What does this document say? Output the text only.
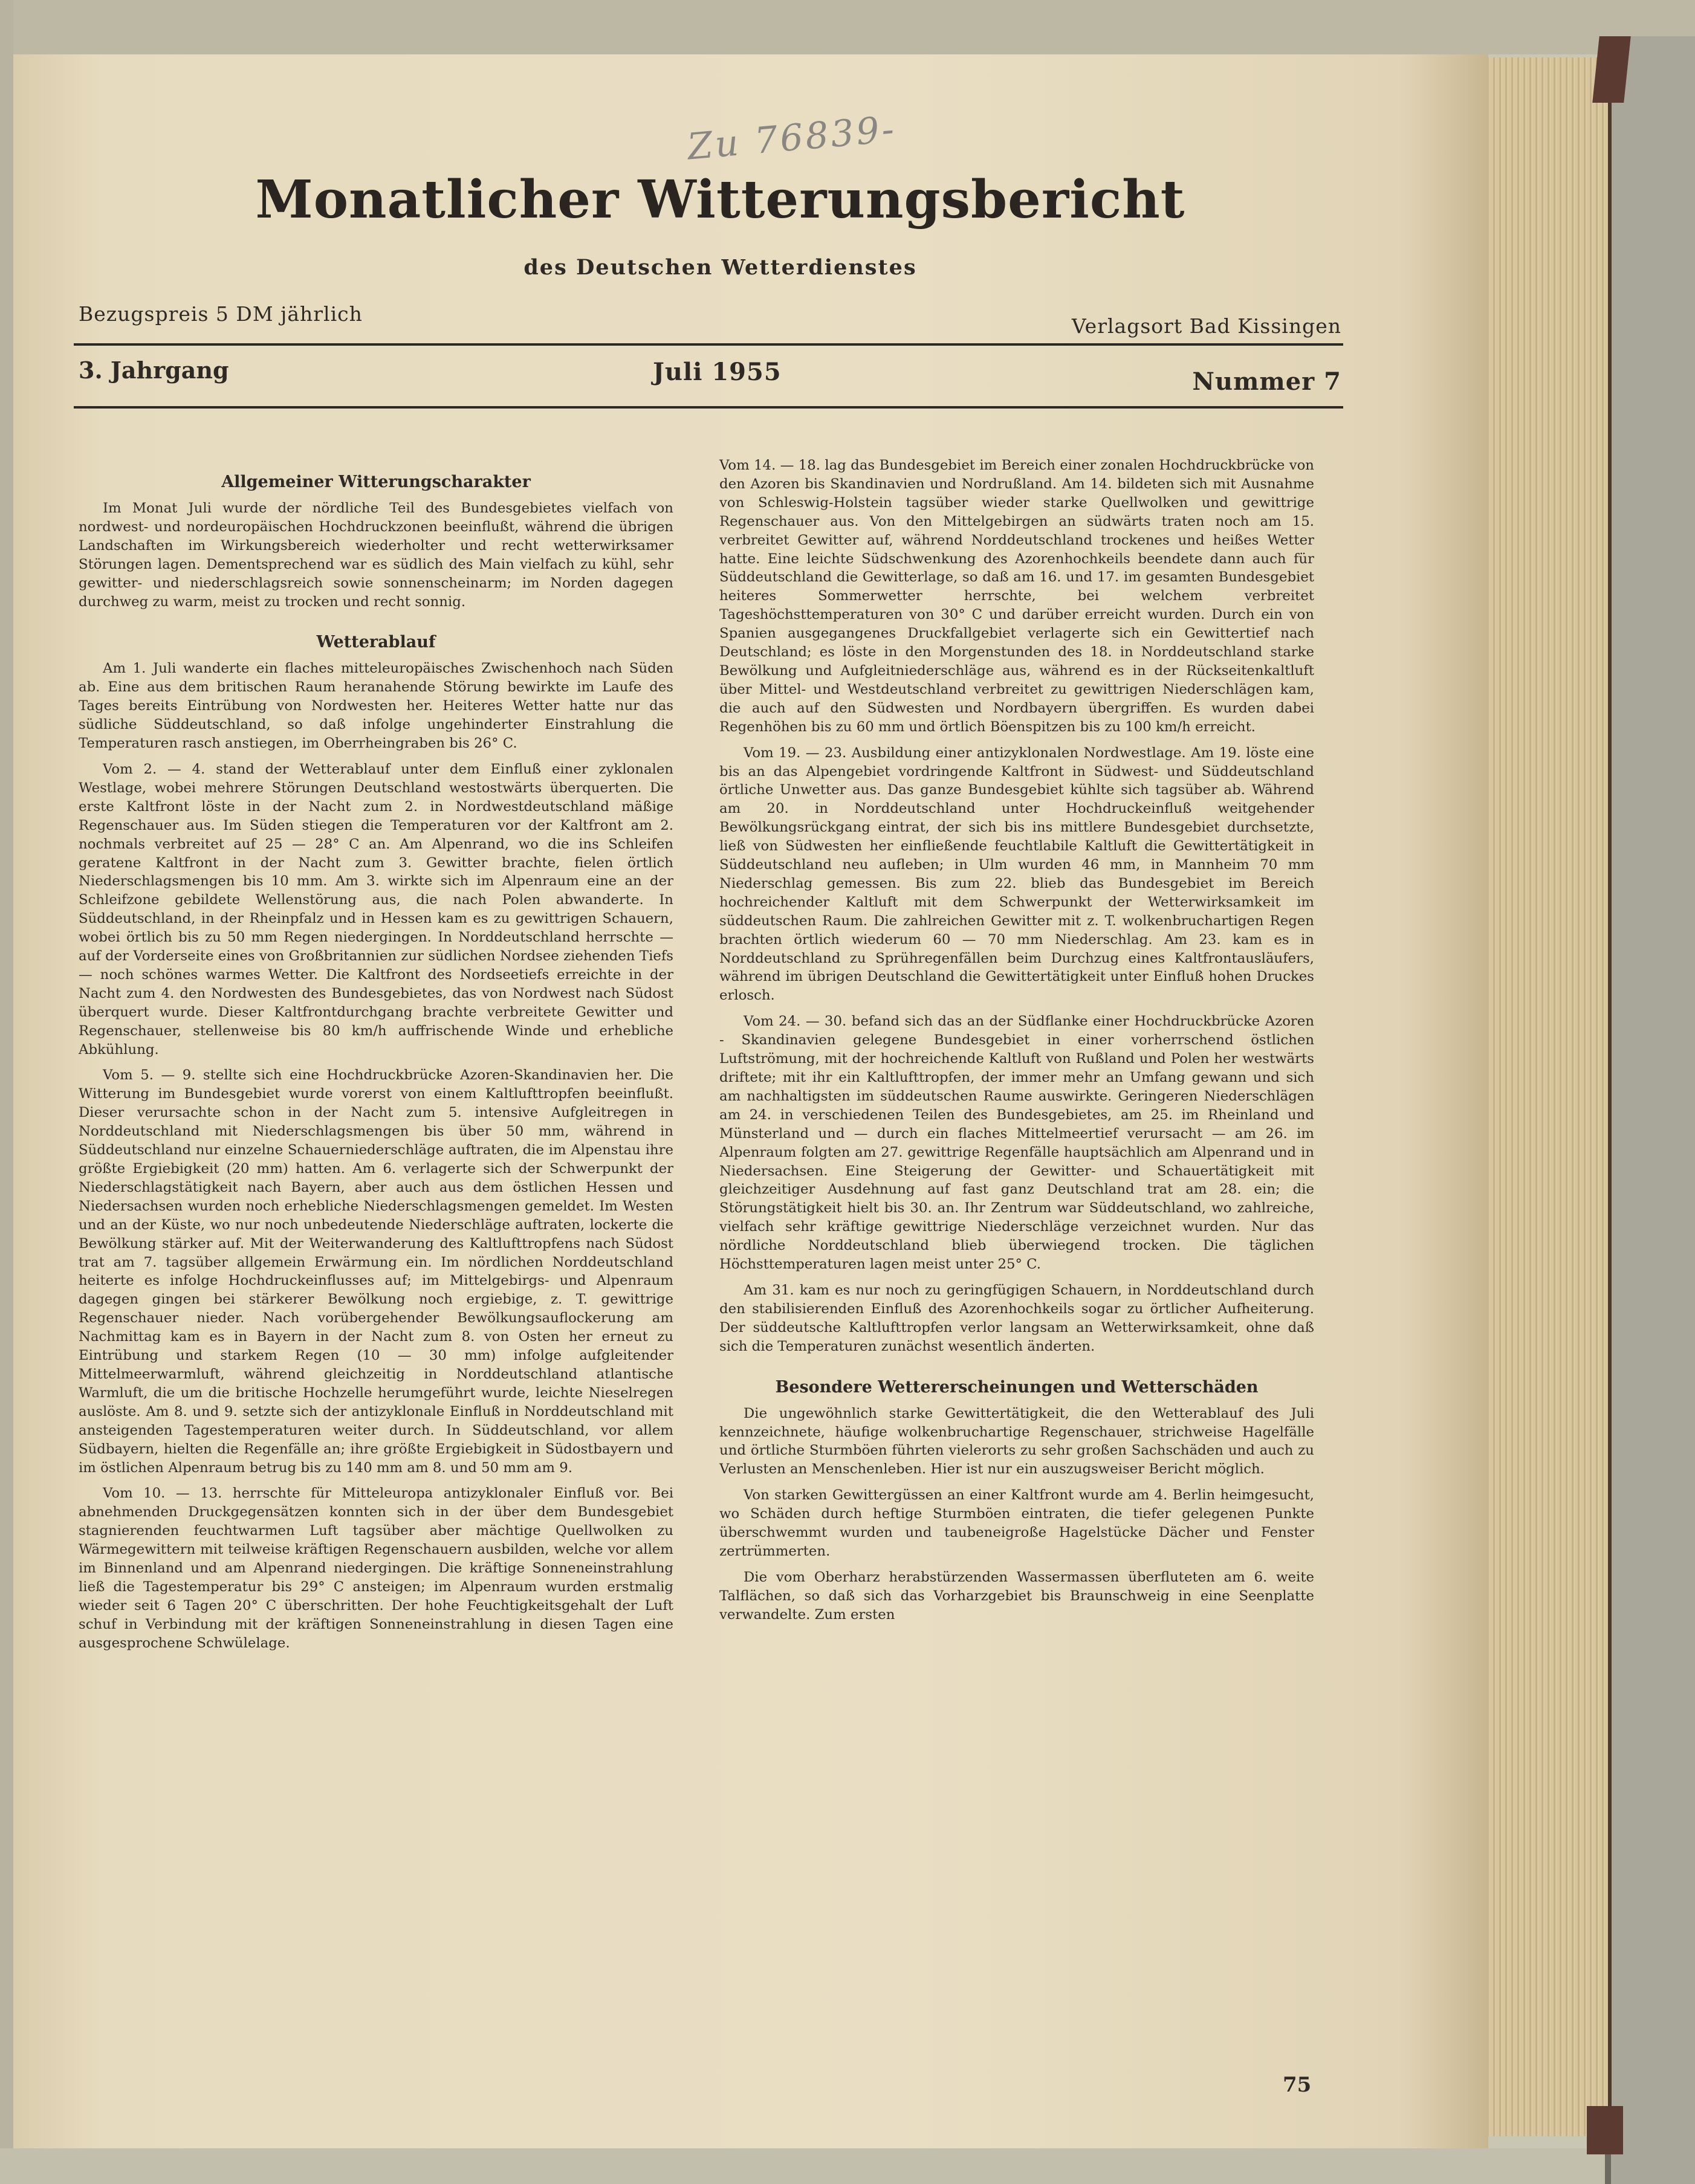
Zu 76839-
Monatlicher Witterungsbericht
des Deutschen Wetterdienstes
Bezugspreis 5 DM jährlich
Verlagsort Bad Kissingen
3. Jahrgang	Juli 1955	Nummer 7
Allgemeiner Witterungscharakter

Im Monat Juli wurde der nördliche Teil des Bundesgebietes vielfach von nordwest- und nordeuropäischen Hochdruckzonen beeinflußt, während die übrigen Landschaften im Wirkungsbereich wiederholter und recht wetterwirksamer Störungen lagen. Dementsprechend war es südlich des Main vielfach zu kühl, sehr gewitter- und niederschlagsreich sowie sonnenscheinarm; im Norden dagegen durchweg zu warm, meist zu trocken und recht sonnig.

Wetterablauf

Am 1. Juli wanderte ein flaches mitteleuropäisches Zwischenhoch nach Süden ab. Eine aus dem britischen Raum heranahende Störung bewirkte im Laufe des Tages bereits Eintrübung von Nordwesten her. Heiteres Wetter hatte nur das südliche Süddeutschland, so daß infolge ungehinderter Einstrahlung die Temperaturen rasch anstiegen, im Oberrheingraben bis 26° C.

Vom 2. — 4. stand der Wetterablauf unter dem Einfluß einer zyklonalen Westlage, wobei mehrere Störungen Deutschland westostwärts überquerten. Die erste Kaltfront löste in der Nacht zum 2. in Nordwestdeutschland mäßige Regenschauer aus. Im Süden stiegen die Temperaturen vor der Kaltfront am 2. nochmals verbreitet auf 25 — 28° C an. Am Alpenrand, wo die ins Schleifen geratene Kaltfront in der Nacht zum 3. Gewitter brachte, fielen örtlich Niederschlagsmengen bis 10 mm. Am 3. wirkte sich im Alpenraum eine an der Schleifzone gebildete Wellenstörung aus, die nach Polen abwanderte. In Süddeutschland, in der Rheinpfalz und in Hessen kam es zu gewittrigen Schauern, wobei örtlich bis zu 50 mm Regen niedergingen. In Norddeutschland herrschte — auf der Vorderseite eines von Großbritannien zur südlichen Nordsee ziehenden Tiefs — noch schönes warmes Wetter. Die Kaltfront des Nordseetiefs erreichte in der Nacht zum 4. den Nordwesten des Bundesgebietes, das von Nordwest nach Südost überquert wurde. Dieser Kaltfrontdurchgang brachte verbreitete Gewitter und Regenschauer, stellenweise bis 80 km/h auffrischende Winde und erhebliche Abkühlung.

Vom 5. — 9. stellte sich eine Hochdruckbrücke Azoren-Skandinavien her. Die Witterung im Bundesgebiet wurde vorerst von einem Kaltlufttropfen beeinflußt. Dieser verursachte schon in der Nacht zum 5. intensive Aufgleitregen in Norddeutschland mit Niederschlagsmengen bis über 50 mm, während in Süddeutschland nur einzelne Schauerniederschläge auftraten, die im Alpenstau ihre größte Ergiebigkeit (20 mm) hatten. Am 6. verlagerte sich der Schwerpunkt der Niederschlagstätigkeit nach Bayern, aber auch aus dem östlichen Hessen und Niedersachsen wurden noch erhebliche Niederschlagsmengen gemeldet. Im Westen und an der Küste, wo nur noch unbedeutende Niederschläge auftraten, lockerte die Bewölkung stärker auf. Mit der Weiterwanderung des Kaltlufttropfens nach Südost trat am 7. tagsüber allgemein Erwärmung ein. Im nördlichen Norddeutschland heiterte es infolge Hochdruckeinflusses auf; im Mittelgebirgs- und Alpenraum dagegen gingen bei stärkerer Bewölkung noch ergiebige, z. T. gewittrige Regenschauer nieder. Nach vorübergehender Bewölkungsauflockerung am Nachmittag kam es in Bayern in der Nacht zum 8. von Osten her erneut zu Eintrübung und starkem Regen (10 — 30 mm) infolge aufgleitender Mittelmeerwarmluft, während gleichzeitig in Norddeutschland atlantische Warmluft, die um die britische Hochzelle herumgeführt wurde, leichte Nieselregen auslöste. Am 8. und 9. setzte sich der antizyklonale Einfluß in Norddeutschland mit ansteigenden Tagestemperaturen weiter durch. In Süddeutschland, vor allem Südbayern, hielten die Regenfälle an; ihre größte Ergiebigkeit in Südostbayern und im östlichen Alpenraum betrug bis zu 140 mm am 8. und 50 mm am 9.

Vom 10. — 13. herrschte für Mitteleuropa antizyklonaler Einfluß vor. Bei abnehmenden Druckgegensätzen konnten sich in der über dem Bundesgebiet stagnierenden feuchtwarmen Luft tagsüber aber mächtige Quellwolken zu Wärmegewittern mit teilweise kräftigen Regenschauern ausbilden, welche vor allem im Binnenland und am Alpenrand niedergingen. Die kräftige Sonneneinstrahlung ließ die Tagestemperatur bis 29° C ansteigen; im Alpenraum wurden erstmalig wieder seit 6 Tagen 20° C überschritten. Der hohe Feuchtigkeitsgehalt der Luft schuf in Verbindung mit der kräftigen Sonneneinstrahlung in diesen Tagen eine ausgesprochene Schwülelage.

Vom 14. — 18. lag das Bundesgebiet im Bereich einer zonalen Hochdruckbrücke von den Azoren bis Skandinavien und Nordrußland. Am 14. bildeten sich mit Ausnahme von Schleswig-Holstein tagsüber wieder starke Quellwolken und gewittrige Regenschauer aus. Von den Mittelgebirgen an südwärts traten noch am 15. verbreitet Gewitter auf, während Norddeutschland trockenes und heißes Wetter hatte. Eine leichte Südschwenkung des Azorenhochkeils beendete dann auch für Süddeutschland die Gewitterlage, so daß am 16. und 17. im gesamten Bundesgebiet heiteres Sommerwetter herrschte, bei welchem verbreitet Tageshöchsttemperaturen von 30° C und darüber erreicht wurden. Durch ein von Spanien ausgegangenes Druckfallgebiet verlagerte sich ein Gewittertief nach Deutschland; es löste in den Morgenstunden des 18. in Norddeutschland starke Bewölkung und Aufgleitniederschläge aus, während es in der Rückseitenkaltluft über Mittel- und Westdeutschland verbreitet zu gewittrigen Niederschlägen kam, die auch auf den Südwesten und Nordbayern übergriffen. Es wurden dabei Regenhöhen bis zu 60 mm und örtlich Böenspitzen bis zu 100 km/h erreicht.

Vom 19. — 23. Ausbildung einer antizyklonalen Nordwestlage. Am 19. löste eine bis an das Alpengebiet vordringende Kaltfront in Südwest- und Süddeutschland örtliche Unwetter aus. Das ganze Bundesgebiet kühlte sich tagsüber ab. Während am 20. in Norddeutschland unter Hochdruckeinfluß weitgehender Bewölkungsrückgang eintrat, der sich bis ins mittlere Bundesgebiet durchsetzte, ließ von Südwesten her einfließende feuchtlabile Kaltluft die Gewittertätigkeit in Süddeutschland neu aufleben; in Ulm wurden 46 mm, in Mannheim 70 mm Niederschlag gemessen. Bis zum 22. blieb das Bundesgebiet im Bereich hochreichender Kaltluft mit dem Schwerpunkt der Wetterwirksamkeit im süddeutschen Raum. Die zahlreichen Gewitter mit z. T. wolkenbruchartigen Regen brachten örtlich wiederum 60 — 70 mm Niederschlag. Am 23. kam es in Norddeutschland zu Sprühregenfällen beim Durchzug eines Kaltfrontausläufers, während im übrigen Deutschland die Gewittertätigkeit unter Einfluß hohen Druckes erlosch.

Vom 24. — 30. befand sich das an der Südflanke einer Hochdruckbrücke Azoren - Skandinavien gelegene Bundesgebiet in einer vorherrschend östlichen Luftströmung, mit der hochreichende Kaltluft von Rußland und Polen her westwärts driftete; mit ihr ein Kaltlufttropfen, der immer mehr an Umfang gewann und sich am nachhaltigsten im süddeutschen Raume auswirkte. Geringeren Niederschlägen am 24. in verschiedenen Teilen des Bundesgebietes, am 25. im Rheinland und Münsterland und — durch ein flaches Mittelmeertief verursacht — am 26. im Alpenraum folgten am 27. gewittrige Regenfälle hauptsächlich am Alpenrand und in Niedersachsen. Eine Steigerung der Gewitter- und Schauertätigkeit mit gleichzeitiger Ausdehnung auf fast ganz Deutschland trat am 28. ein; die Störungstätigkeit hielt bis 30. an. Ihr Zentrum war Süddeutschland, wo zahlreiche, vielfach sehr kräftige gewittrige Niederschläge verzeichnet wurden. Nur das nördliche Norddeutschland blieb überwiegend trocken. Die täglichen Höchsttemperaturen lagen meist unter 25° C.

Am 31. kam es nur noch zu geringfügigen Schauern, in Norddeutschland durch den stabilisierenden Einfluß des Azorenhochkeils sogar zu örtlicher Aufheiterung. Der süddeutsche Kaltlufttropfen verlor langsam an Wetterwirksamkeit, ohne daß sich die Temperaturen zunächst wesentlich änderten.

Besondere Wettererscheinungen und Wetterschäden

Die ungewöhnlich starke Gewittertätigkeit, die den Wetterablauf des Juli kennzeichnete, häufige wolkenbruchartige Regenschauer, strichweise Hagelfälle und örtliche Sturmböen führten vielerorts zu sehr großen Sachschäden und auch zu Verlusten an Menschenleben. Hier ist nur ein auszugsweiser Bericht möglich.

Von starken Gewittergüssen an einer Kaltfront wurde am 4. Berlin heimgesucht, wo Schäden durch heftige Sturmböen eintraten, die tiefer gelegenen Punkte überschwemmt wurden und taubeneigroße Hagelstücke Dächer und Fenster zertrümmerten.

Die vom Oberharz herabstürzenden Wassermassen überfluteten am 6. weite Talflächen, so daß sich das Vorharzgebiet bis Braunschweig in eine Seenplatte verwandelte. Zum ersten

75
